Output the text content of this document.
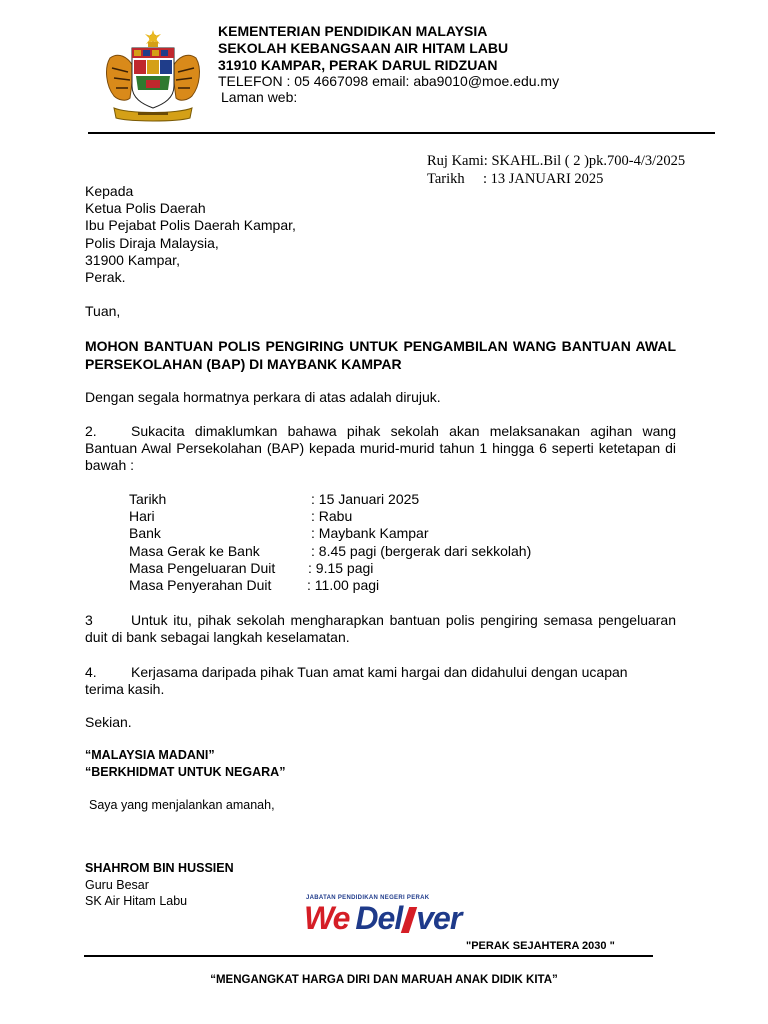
KEMENTERIAN PENDIDIKAN MALAYSIA
SEKOLAH KEBANGSAAN AIR HITAM LABU
31910 KAMPAR, PERAK DARUL RIDZUAN
TELEFON : 05 4667098 email: aba9010@moe.edu.my
Laman web:
Ruj Kami: SKAHL.Bil ( 2 )pk.700-4/3/2025
Tarikh : 13 JANUARI 2025
Kepada
Ketua Polis Daerah
Ibu Pejabat Polis Daerah Kampar,
Polis Diraja Malaysia,
31900 Kampar,
Perak.
Tuan,
MOHON BANTUAN POLIS PENGIRING UNTUK PENGAMBILAN WANG BANTUAN AWAL PERSEKOLAHAN (BAP) DI MAYBANK KAMPAR
Dengan segala hormatnya perkara di atas adalah dirujuk.
2. Sukacita dimaklumkan bahawa pihak sekolah akan melaksanakan agihan wang Bantuan Awal Persekolahan (BAP) kepada murid-murid tahun 1 hingga 6 seperti ketetapan di bawah :
Tarikh	: 15 Januari 2025
Hari	: Rabu
Bank	: Maybank Kampar
Masa Gerak ke Bank	: 8.45 pagi (bergerak dari sekkolah)
Masa Pengeluaran Duit : 9.15 pagi
Masa Penyerahan Duit	: 11.00 pagi
3	Untuk itu, pihak sekolah mengharapkan bantuan polis pengiring semasa pengeluaran duit di bank sebagai langkah keselamatan.
4. Kerjasama daripada pihak Tuan amat kami hargai dan didahului dengan ucapan terima kasih.
Sekian.
“MALAYSIA MADANI”
“BERKHIDMAT UNTUK NEGARA”
Saya yang menjalankan amanah,
SHAHROM BIN HUSSIEN
Guru Besar
SK Air Hitam Labu	JABATAN PENDIDIKAN NEGERI PERAK
We Del ver
"PERAK SEJAHTERA 2030 "
“MENGANGKAT HARGA DIRI DAN MARUAH ANAK DIDIK KITA”
